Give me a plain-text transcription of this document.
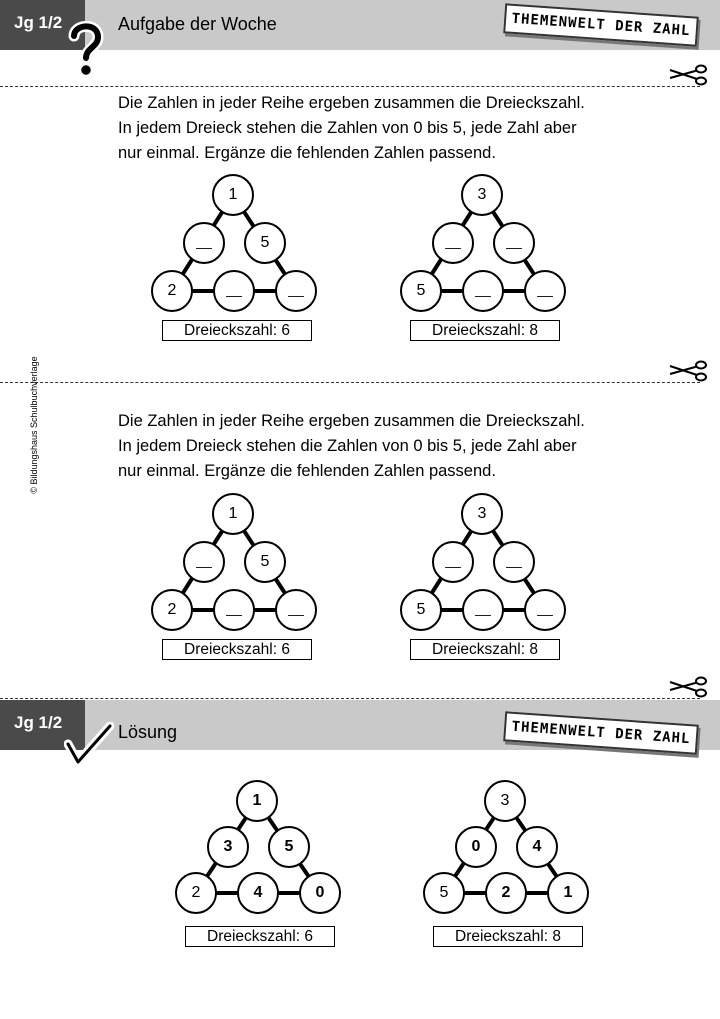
Jg 1/2	Aufgabe der Woche	THEMENWELT DER ZAHL
Die Zahlen in jeder Reihe ergeben zusammen die Dreieckszahl.
In jedem Dreieck stehen die Zahlen von 0 bis 5, jede Zahl aber
nur einmal. Ergänze die fehlenden Zahlen passend.
1
__	5
2	__	__
Dreieckszahl: 6
3
__	__
5	__	__
Dreieckszahl: 8
© Bildungshaus Schulbuchverlage	Die Zahlen in jeder Reihe ergeben zusammen die Dreieckszahl.
In jedem Dreieck stehen die Zahlen von 0 bis 5, jede Zahl aber
nur einmal. Ergänze die fehlenden Zahlen passend.
1
__	5
2	__	__
Dreieckszahl: 6
3
__	__
5	__	__
Dreieckszahl: 8
Jg 1/2	Lösung	THEMENWELT DER ZAHL
1
3	5
2	4	0
Dreieckszahl: 6
3
0	4
5	2	1
Dreieckszahl: 8
